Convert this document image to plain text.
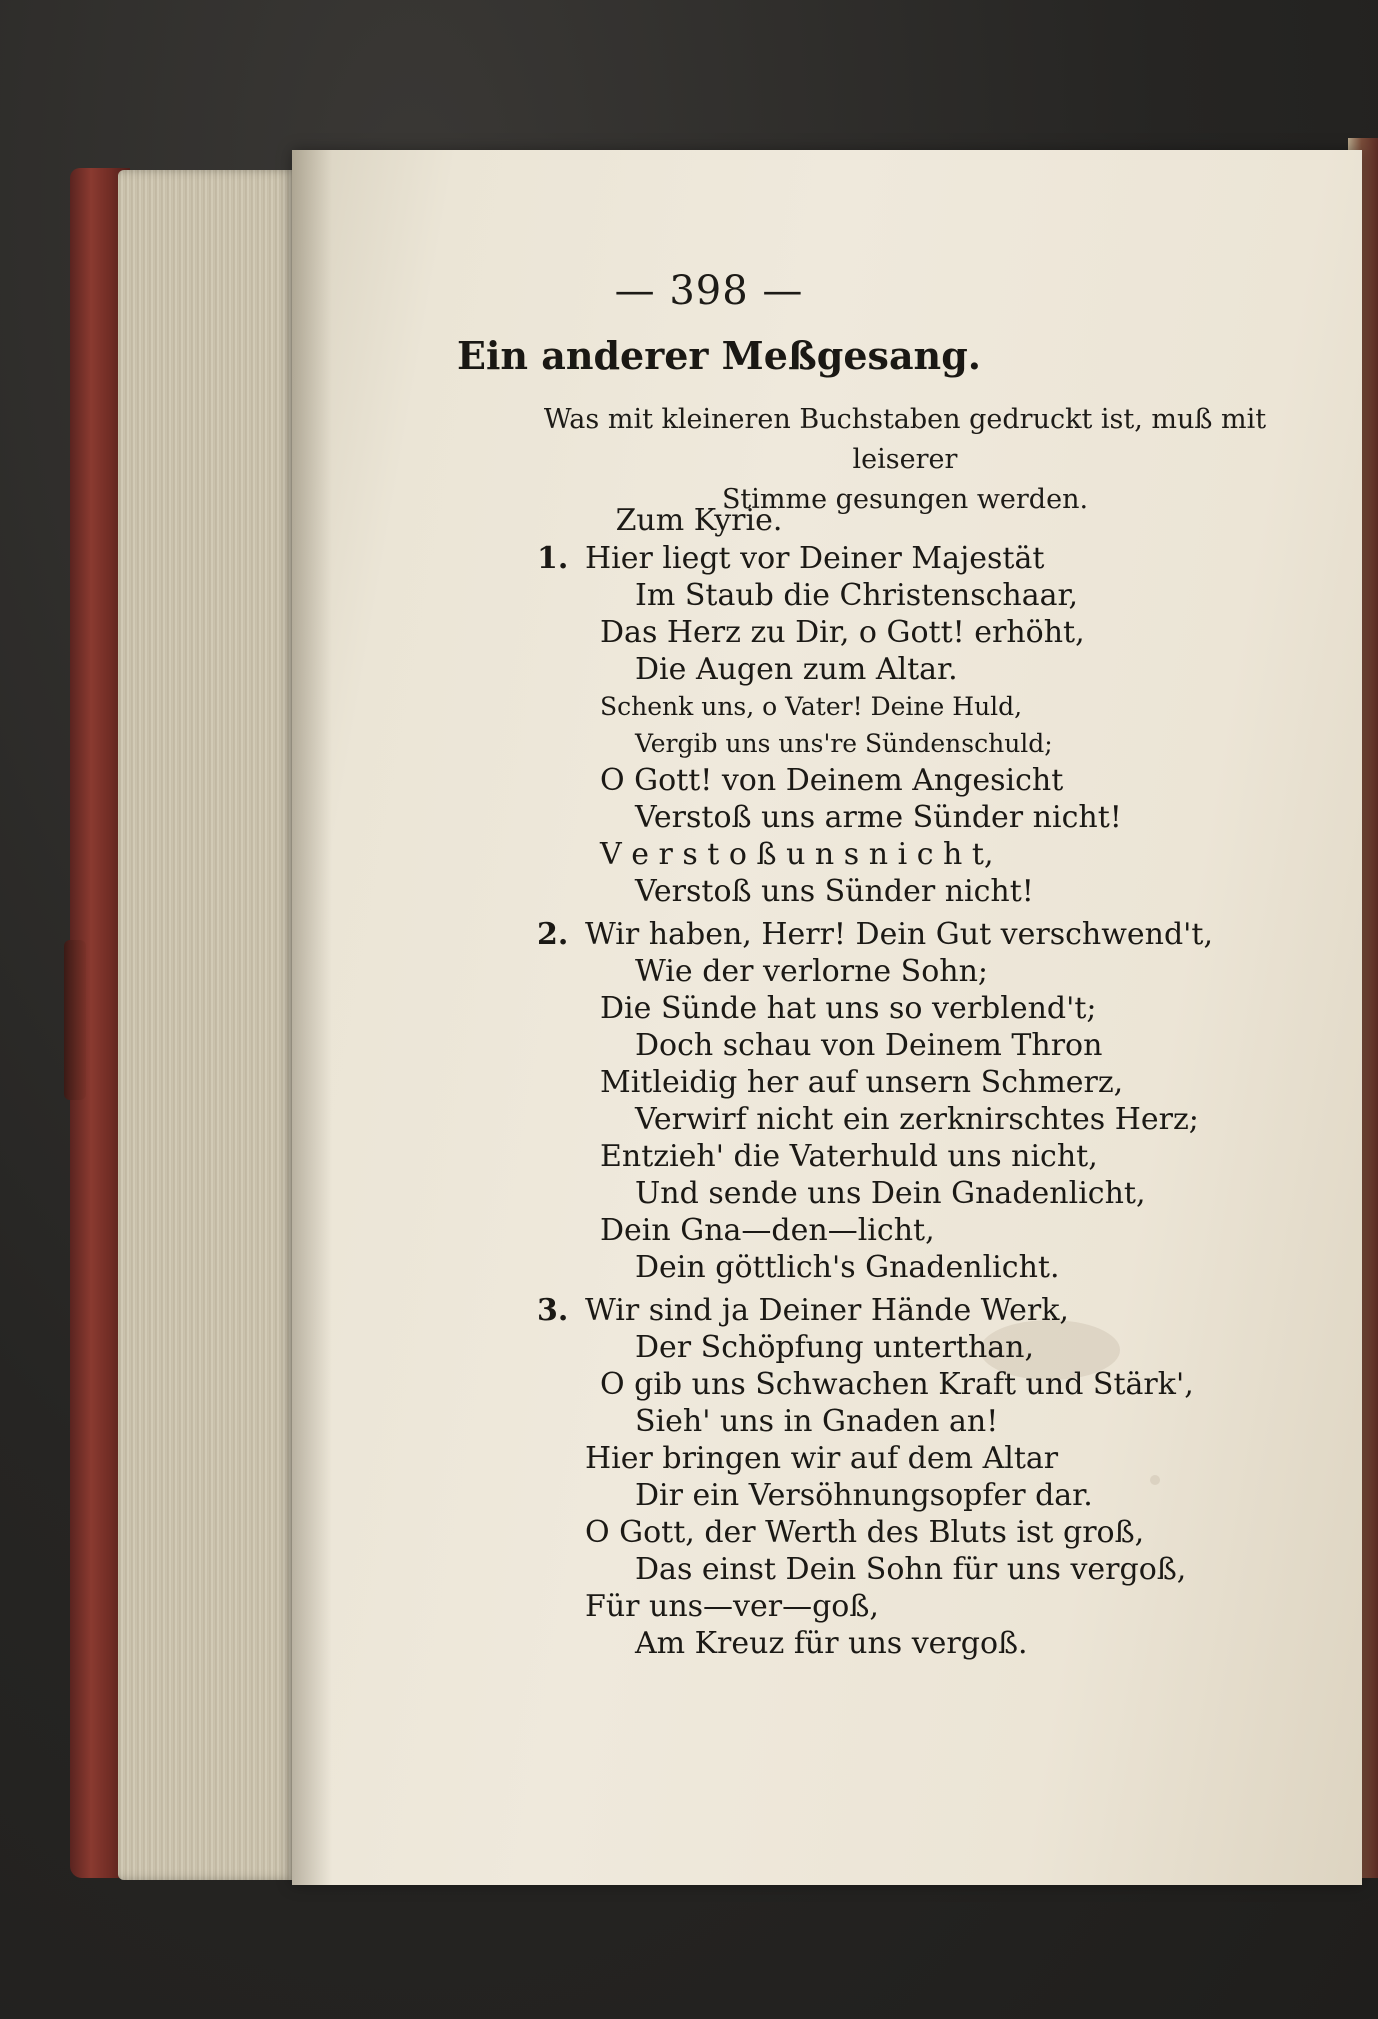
— 398 —
Ein anderer Meßgesang.
Was mit kleineren Buchstaben gedruckt ist, muß mit leiserer
Stimme gesungen werden.
Zum Kyrie.
1. Hier liegt vor Deiner Majestät
Im Staub die Christenschaar,
Das Herz zu Dir, o Gott! erhöht,
Die Augen zum Altar.
Schenk uns, o Vater! Deine Huld,
Vergib uns uns're Sündenschuld;
O Gott! von Deinem Angesicht
Verstoß uns arme Sünder nicht!
V e r s t o ß u n s n i c h t,
Verstoß uns Sünder nicht!
2. Wir haben, Herr! Dein Gut verschwend't,
Wie der verlorne Sohn;
Die Sünde hat uns so verblend't;
Doch schau von Deinem Thron
Mitleidig her auf unsern Schmerz,
Verwirf nicht ein zerknirschtes Herz;
Entzieh' die Vaterhuld uns nicht,
Und sende uns Dein Gnadenlicht,
Dein Gna—den—licht,
Dein göttlich's Gnadenlicht.
3. Wir sind ja Deiner Hände Werk,
Der Schöpfung unterthan,
O gib uns Schwachen Kraft und Stärk',
Sieh' uns in Gnaden an!
Hier bringen wir auf dem Altar
Dir ein Versöhnungsopfer dar.
O Gott, der Werth des Bluts ist groß,
Das einst Dein Sohn für uns vergoß,
Für uns—ver—goß,
Am Kreuz für uns vergoß.
